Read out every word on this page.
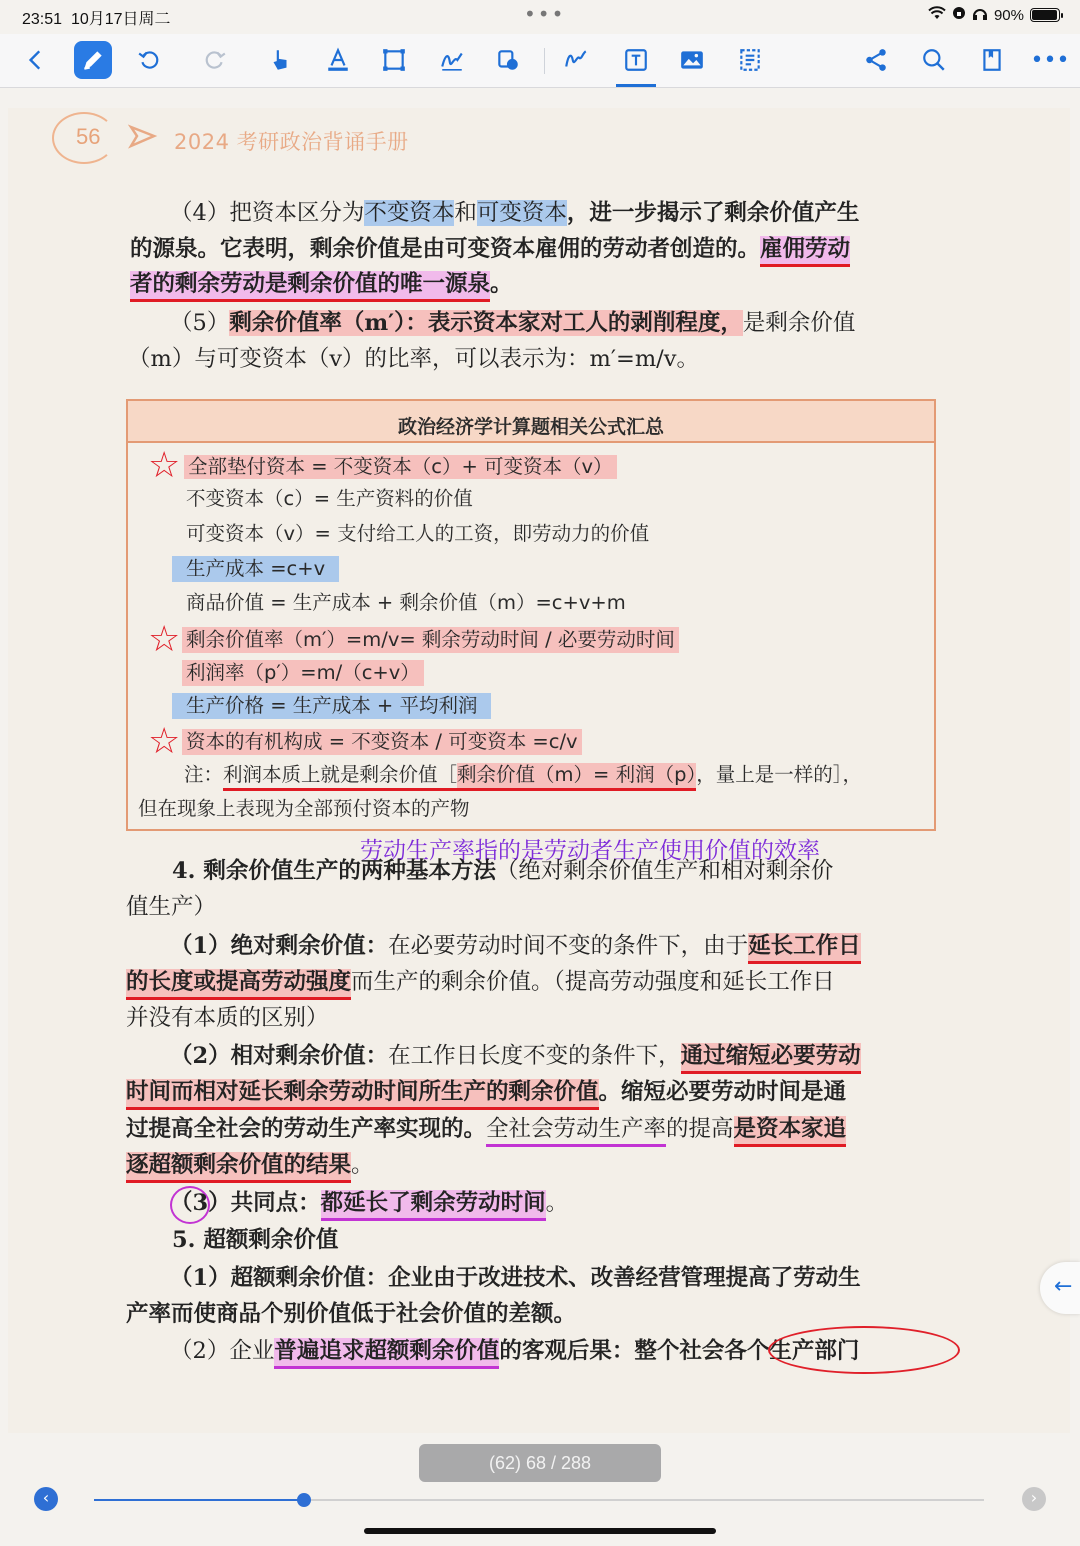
23:51 10月17日周二	•••	90%
•••
56	2024 考研政治背诵手册
（4）把资本区分为不变资本和可变资本，进一步揭示了剩余价值产生
的源泉。它表明，剩余价值是由可变资本雇佣的劳动者创造的。雇佣劳动
者的剩余劳动是剩余价值的唯一源泉。
（5）剩余价值率（m′）：表示资本家对工人的剥削程度，是剩余价值
（m）与可变资本（v）的比率，可以表示为：m′=m/v。
政治经济学计算题相关公式汇总
☆ 全部垫付资本 = 不变资本（c）+ 可变资本（v）
不变资本（c）= 生产资料的价值
可变资本（v）= 支付给工人的工资，即劳动力的价值
生产成本 =c+v
商品价值 = 生产成本 + 剩余价值（m）=c+v+m
☆ 剩余价值率（m′）=m/v= 剩余劳动时间 / 必要劳动时间
利润率（p′）=m/（c+v）
生产价格 = 生产成本 + 平均利润
☆ 资本的有机构成 = 不变资本 / 可变资本 =c/v
注：利润本质上就是剩余价值［剩余价值（m）= 利润（p），量上是一样的］，
但在现象上表现为全部预付资本的产物
劳动生产率指的是劳动者生产使用价值的效率
4. 剩余价值生产的两种基本方法（绝对剩余价值生产和相对剩余价
值生产）
（1）绝对剩余价值：在必要劳动时间不变的条件下，由于延长工作日
的长度或提高劳动强度而生产的剩余价值。（提高劳动强度和延长工作日
并没有本质的区别）
（2）相对剩余价值：在工作日长度不变的条件下，通过缩短必要劳动
时间而相对延长剩余劳动时间所生产的剩余价值。缩短必要劳动时间是通
过提高全社会的劳动生产率实现的。全社会劳动生产率的提高是资本家追
逐超额剩余价值的结果。
（3）共同点：都延长了剩余劳动时间。
5. 超额剩余价值
（1）超额剩余价值：企业由于改进技术、改善经营管理提高了劳动生
产率而使商品个别价值低于社会价值的差额。
（2）企业普遍追求超额剩余价值的客观后果：整个社会各个生产部门
(62) 68 / 288
←
‹	›
